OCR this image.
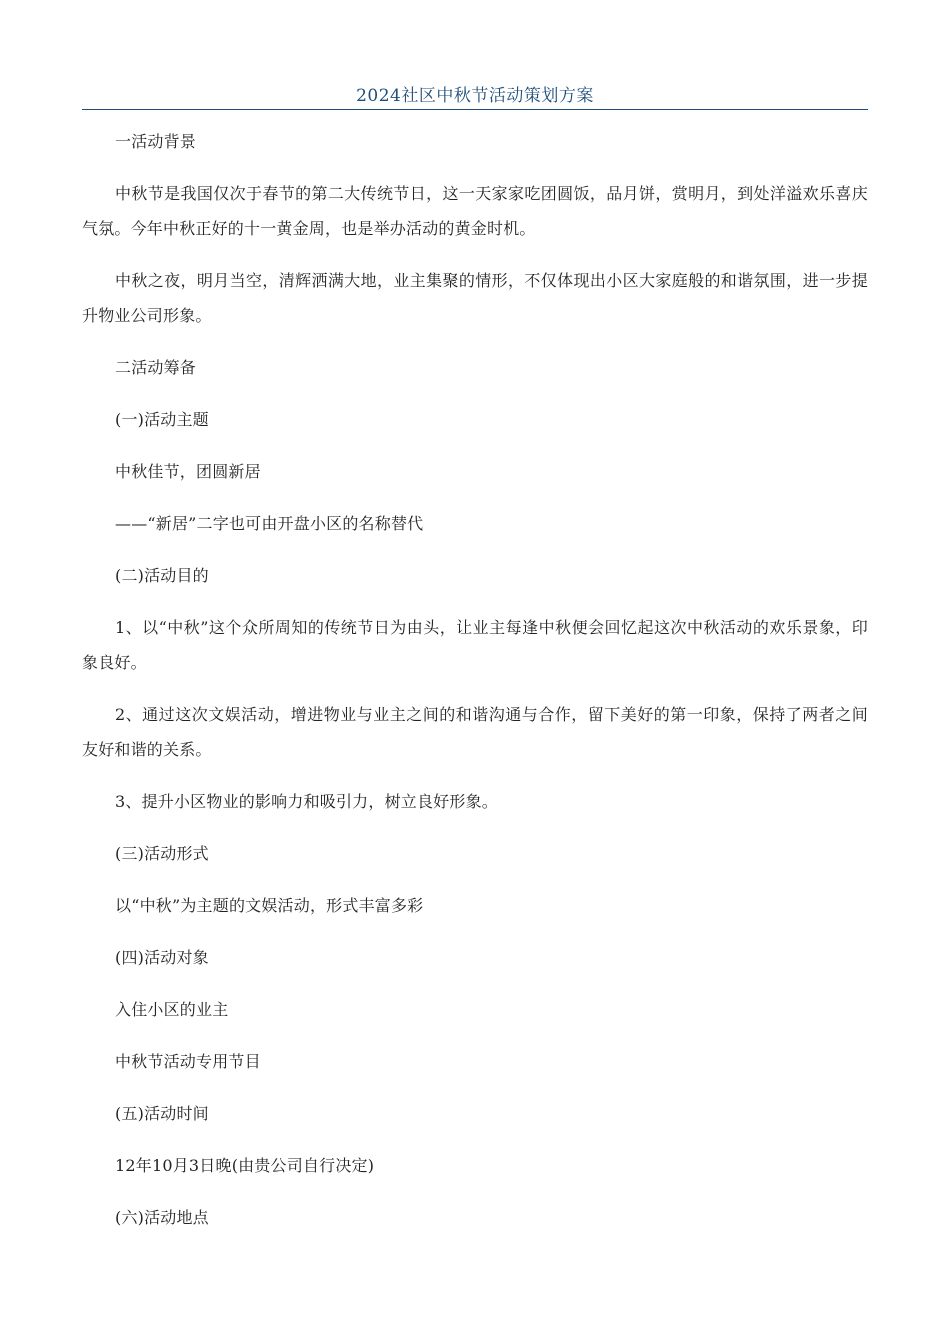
2024社区中秋节活动策划方案

一活动背景

中秋节是我国仅次于春节的第二大传统节日，这一天家家吃团圆饭，品月饼，赏明月，到处洋溢欢乐喜庆气氛。今年中秋正好的十一黄金周，也是举办活动的黄金时机。

中秋之夜，明月当空，清辉洒满大地，业主集聚的情形，不仅体现出小区大家庭般的和谐氛围，进一步提升物业公司形象。

二活动筹备

(一)活动主题

中秋佳节，团圆新居

——“新居”二字也可由开盘小区的名称替代

(二)活动目的

1、以“中秋”这个众所周知的传统节日为由头，让业主每逢中秋便会回忆起这次中秋活动的欢乐景象，印象良好。

2、通过这次文娱活动，增进物业与业主之间的和谐沟通与合作，留下美好的第一印象，保持了两者之间友好和谐的关系。

3、提升小区物业的影响力和吸引力，树立良好形象。

(三)活动形式

以“中秋”为主题的文娱活动，形式丰富多彩

(四)活动对象

入住小区的业主

中秋节活动专用节目

(五)活动时间

12年10月3日晚(由贵公司自行决定)

(六)活动地点
